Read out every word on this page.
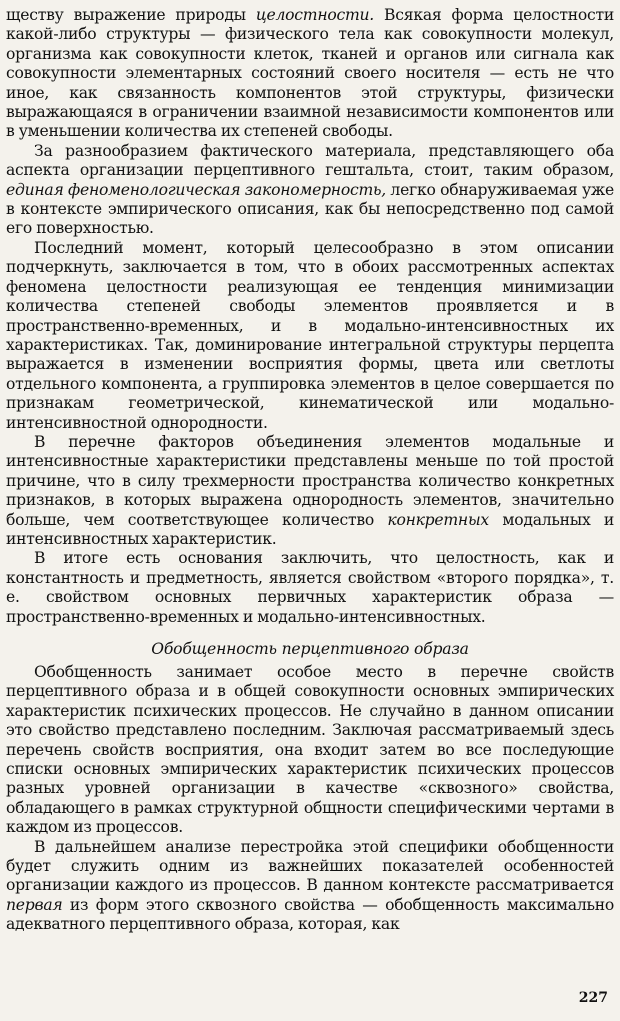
ществу выражение природы целостности. Всякая форма целостности какой-либо структуры — физического тела как совокупности молекул, организма как совокупности клеток, тканей и органов или сигнала как совокупности элементарных состояний своего носителя — есть не что иное, как связанность компонентов этой структуры, физически выражающаяся в ограничении взаимной независимости компонентов или в уменьшении количества их степеней свободы.

За разнообразием фактического материала, представляющего оба аспекта организации перцептивного гештальта, стоит, таким образом, единая феноменологическая закономерность, легко обнаруживаемая уже в контексте эмпирического описания, как бы непосредственно под самой его поверхностью.

Последний момент, который целесообразно в этом описании подчеркнуть, заключается в том, что в обоих рассмотренных аспектах феномена целостности реализующая ее тенденция минимизации количества степеней свободы элементов проявляется и в пространственно-временных, и в модально-интенсивностных их характеристиках. Так, доминирование интегральной структуры перцепта выражается в изменении восприятия формы, цвета или светлоты отдельного компонента, а группировка элементов в целое совершается по признакам геометрической, кинематической или модально-интенсивностной однородности.

В перечне факторов объединения элементов модальные и интенсивностные характеристики представлены меньше по той простой причине, что в силу трехмерности пространства количество конкретных признаков, в которых выражена однородность элементов, значительно больше, чем соответствующее количество конкретных модальных и интенсивностных характеристик.

В итоге есть основания заключить, что целостность, как и константность и предметность, является свойством «второго порядка», т. е. свойством основных первичных характеристик образа — пространственно-временных и модально-интенсивностных.

Обобщенность перцептивного образа

Обобщенность занимает особое место в перечне свойств перцептивного образа и в общей совокупности основных эмпирических характеристик психических процессов. Не случайно в данном описании это свойство представлено последним. Заключая рассматриваемый здесь перечень свойств восприятия, она входит затем во все последующие списки основных эмпирических характеристик психических процессов разных уровней организации в качестве «сквозного» свойства, обладающего в рамках структурной общности специфическими чертами в каждом из процессов.

В дальнейшем анализе перестройка этой специфики обобщенности будет служить одним из важнейших показателей особенностей организации каждого из процессов. В данном контексте рассматривается первая из форм этого сквозного свойства — обобщенность максимально адекватного перцептивного образа, которая, как

227
